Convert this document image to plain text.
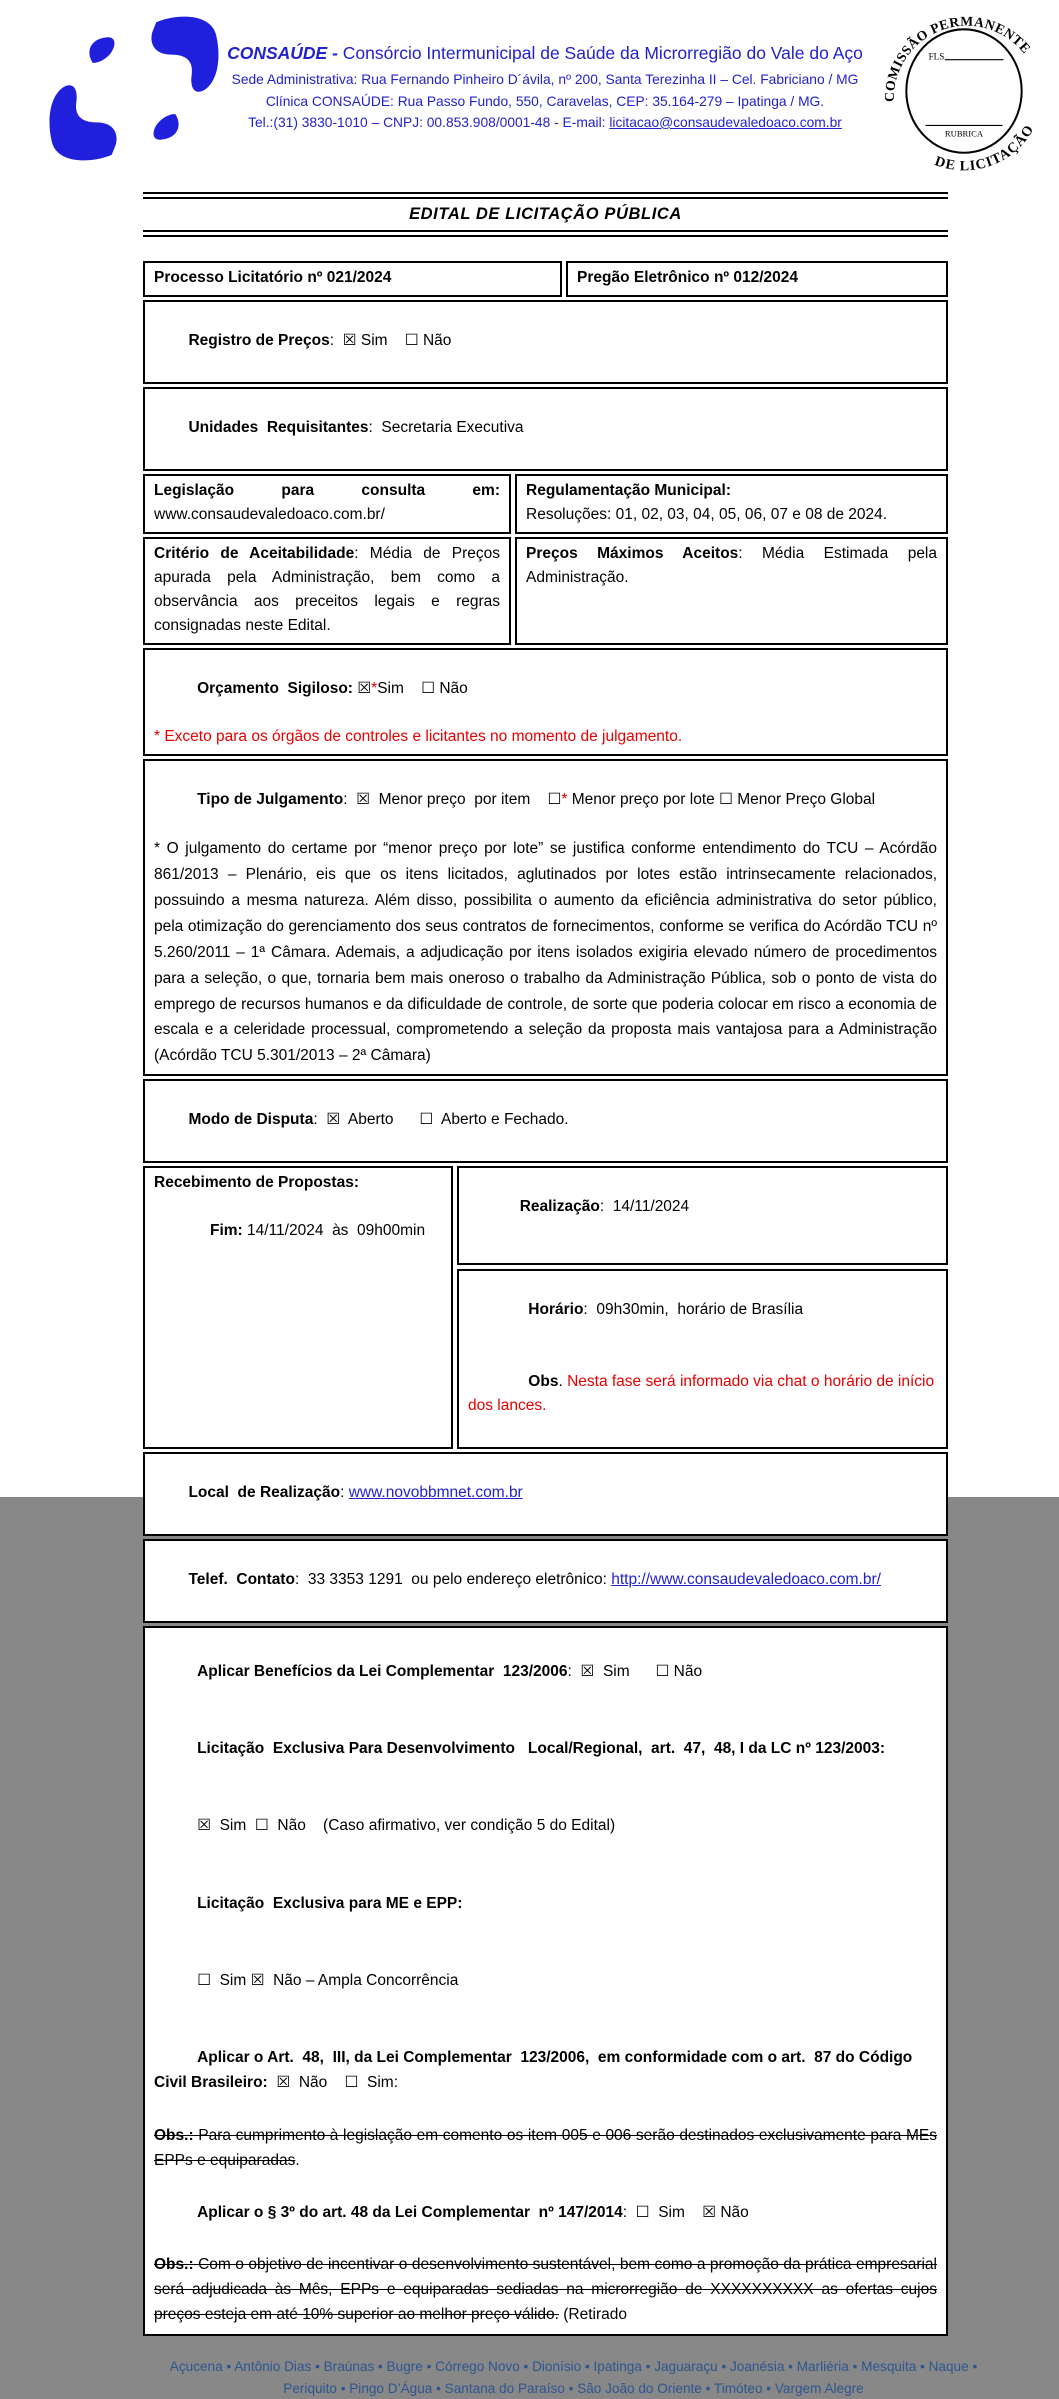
CONSAÚDE - Consórcio Intermunicipal de Saúde da Microrregião do Vale do Aço
Sede Administrativa: Rua Fernando Pinheiro D´ávila, nº 200, Santa Terezinha II – Cel. Fabriciano / MG
Clínica CONSAÚDE: Rua Passo Fundo, 550, Caravelas, CEP: 35.164-279 – Ipatinga / MG.
Tel.:(31) 3830-1010 – CNPJ: 00.853.908/0001-48 - E-mail: licitacao@consaudevaledoaco.com.br
COMISSÃO PERMANENTE
DE LICITAÇÃO
FLS
RUBRICA
EDITAL DE LICITAÇÃO PÚBLICA
Processo Licitatório nº 021/2024	Pregão Eletrônico nº 012/2024

Registro de Preços:  ☒ Sim    ☐ Não

Unidades  Requisitantes:  Secretaria Executiva

Legislação para consulta em:
www.consaudevaledoaco.com.br/
Regulamentação Municipal:
Resoluções: 01, 02, 03, 04, 05, 06, 07 e 08 de 2024.
Critério de Aceitabilidade: Média de Preços apurada pela Administração, bem como a observância aos preceitos legais e regras consignadas neste Edital.
Preços Máximos Aceitos: Média Estimada pela Administração.

Orçamento  Sigiloso: ☒*Sim    ☐ Não

* Exceto para os órgãos de controles e licitantes no momento de julgamento.

Tipo de Julgamento:  ☒  Menor preço  por item    ☐* Menor preço por lote ☐ Menor Preço Global

* O julgamento do certame por “menor preço por lote” se justifica conforme entendimento do TCU – Acórdão 861/2013 – Plenário, eis que os itens licitados, aglutinados por lotes estão intrinsecamente relacionados, possuindo a mesma natureza. Além disso, possibilita o aumento da eficiência administrativa do setor público, pela otimização do gerenciamento dos seus contratos de fornecimentos, conforme se verifica do Acórdão TCU nº 5.260/2011 – 1ª Câmara. Ademais, a adjudicação por itens isolados exigiria elevado número de procedimentos para a seleção, o que, tornaria bem mais oneroso o trabalho da Administração Pública, sob o ponto de vista do emprego de recursos humanos e da dificuldade de controle, de sorte que poderia colocar em risco a economia de escala e a celeridade processual, comprometendo a seleção da proposta mais vantajosa para a Administração (Acórdão TCU 5.301/2013 – 2ª Câmara)

Modo de Disputa:  ☒  Aberto      ☐  Aberto e Fechado.

Recebimento de Propostas:

Fim: 14/11/2024  às  09h00min

Realização:  14/11/2024

Horário:  09h30min,  horário de Brasília

Obs. Nesta fase será informado via chat o horário de início dos lances.

Local  de Realização: www.novobbmnet.com.br

Telef.  Contato:  33 3353 1291  ou pelo endereço eletrônico: http://www.consaudevaledoaco.com.br/

Aplicar Benefícios da Lei Complementar  123/2006:  ☒  Sim      ☐ Não

Licitação  Exclusiva Para Desenvolvimento   Local/Regional,  art.  47,  48, I da LC nº 123/2003:

☒  Sim  ☐  Não    (Caso afirmativo, ver condição 5 do Edital)

Licitação  Exclusiva para ME e EPP:

☐  Sim ☒  Não – Ampla Concorrência

Aplicar o Art.  48,  III, da Lei Complementar  123/2006,  em conformidade com o art.  87 do Código Civil Brasileiro:  ☒  Não    ☐  Sim:

Obs.: Para cumprimento à legislação em comento os item 005 e 006 serão destinados exclusivamente para MEs EPPs e equiparadas.

Aplicar o § 3º do art. 48 da Lei Complementar  nº 147/2014:  ☐  Sim    ☒ Não

Obs.: Com o objetivo de incentivar o desenvolvimento sustentável, bem como a promoção da prática empresarial será adjudicada às Mês, EPPs e equiparadas sediadas na microrregião de XXXXXXXXXX as ofertas cujos preços esteja em até 10% superior ao melhor preço válido. (Retirado
Açucena • Antônio Dias • Braúnas • Bugre • Córrego Novo • Dionísio • Ipatinga • Jaguaraçu • Joanésia • Marliéria • Mesquita • Naque • Periquito • Pingo D’Água • Santana do Paraíso • São João do Oriente • Timóteo • Vargem Alegre
